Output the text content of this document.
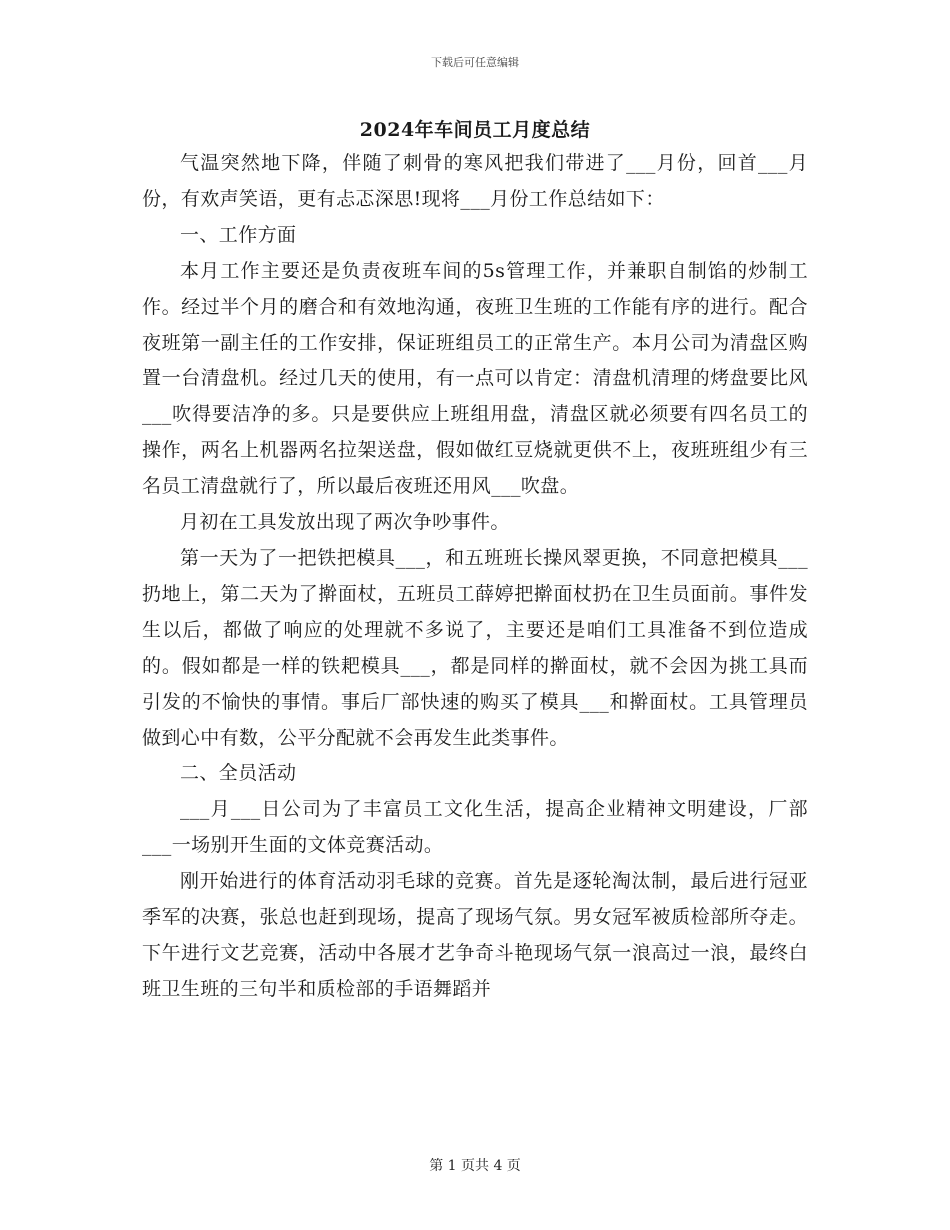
下载后可任意编辑
2024年车间员工月度总结

气温突然地下降，伴随了刺骨的寒风把我们带进了___月份，回首___月份，有欢声笑语，更有忐忑深思!现将___月份工作总结如下：

一、工作方面

本月工作主要还是负责夜班车间的5s管理工作，并兼职自制馅的炒制工作。经过半个月的磨合和有效地沟通，夜班卫生班的工作能有序的进行。配合夜班第一副主任的工作安排，保证班组员工的正常生产。本月公司为清盘区购置一台清盘机。经过几天的使用，有一点可以肯定：清盘机清理的烤盘要比风___吹得要洁净的多。只是要供应上班组用盘，清盘区就必须要有四名员工的操作，两名上机器两名拉架送盘，假如做红豆烧就更供不上，夜班班组少有三名员工清盘就行了，所以最后夜班还用风___吹盘。

月初在工具发放出现了两次争吵事件。

第一天为了一把铁把模具___，和五班班长操风翠更换，不同意把模具___扔地上，第二天为了擀面杖，五班员工薛婷把擀面杖扔在卫生员面前。事件发生以后，都做了响应的处理就不多说了，主要还是咱们工具准备不到位造成的。假如都是一样的铁耙模具___，都是同样的擀面杖，就不会因为挑工具而引发的不愉快的事情。事后厂部快速的购买了模具___和擀面杖。工具管理员做到心中有数，公平分配就不会再发生此类事件。

二、全员活动

___月___日公司为了丰富员工文化生活，提高企业精神文明建设，厂部___一场别开生面的文体竞赛活动。

刚开始进行的体育活动羽毛球的竞赛。首先是逐轮淘汰制，最后进行冠亚季军的决赛，张总也赶到现场，提高了现场气氛。男女冠军被质检部所夺走。下午进行文艺竞赛，活动中各展才艺争奇斗艳现场气氛一浪高过一浪，最终白班卫生班的三句半和质检部的手语舞蹈并

第 1 页共 4 页
